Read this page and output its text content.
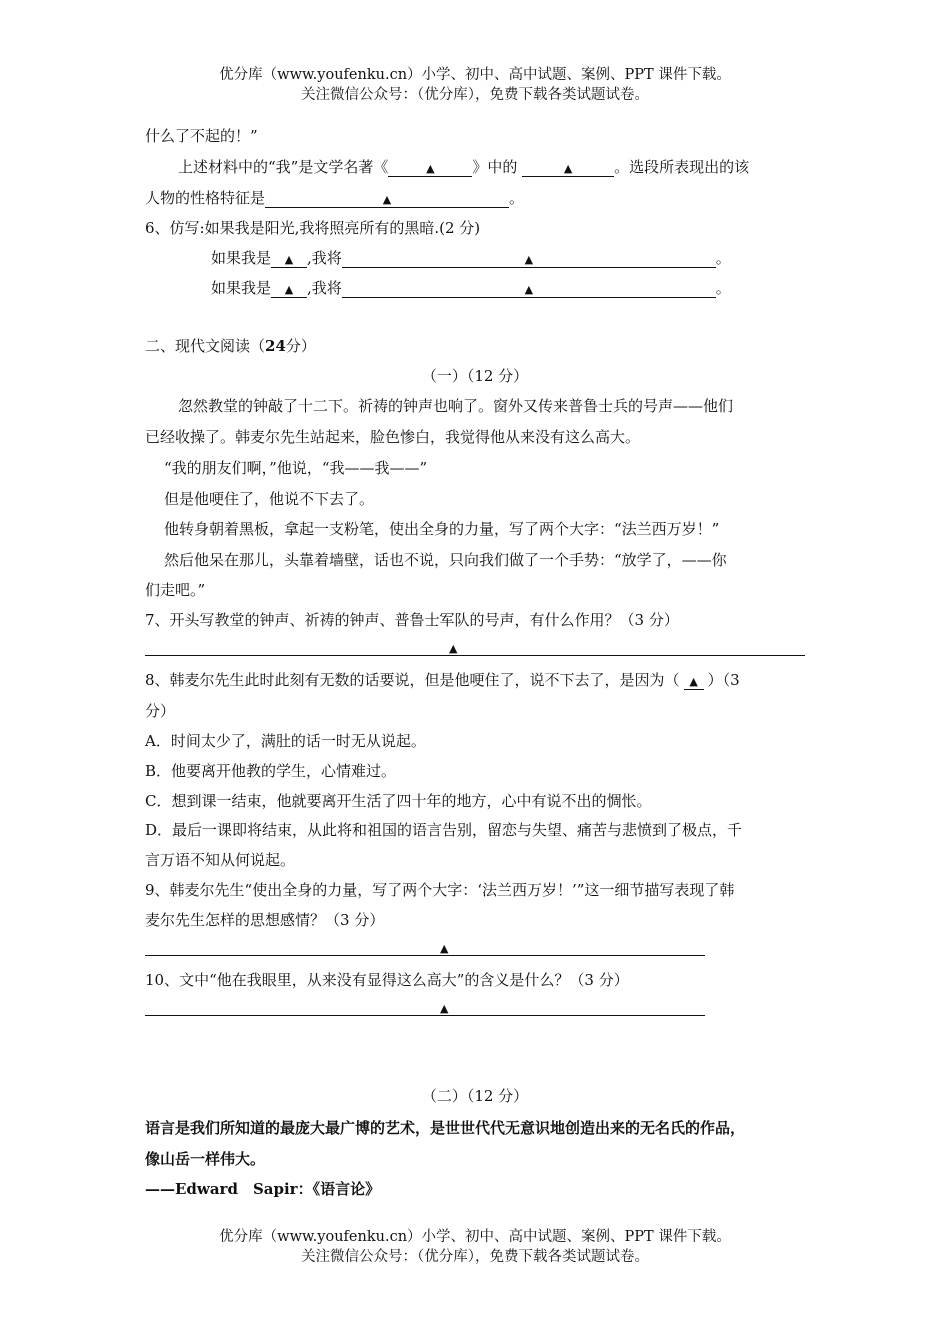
优分库（www.youfenku.cn）小学、初中、高中试题、案例、PPT 课件下载。
关注微信公众号：（优分库），免费下载各类试题试卷。
什么了不起的！”
上述材料中的“我”是文学名著《	▲	》中的	▲	。选段所表现出的该
人物的性格特征是	▲	。
6、仿写:如果我是阳光,我将照亮所有的黑暗.(2 分)
如果我是 ▲ ,我将	▲	。
如果我是 ▲ ,我将	▲	。
二、现代文阅读（24分）
（一）（12 分）
忽然教堂的钟敲了十二下。祈祷的钟声也响了。窗外又传来普鲁士兵的号声——他们
已经收操了。韩麦尔先生站起来，脸色惨白，我觉得他从来没有这么高大。
“我的朋友们啊，”他说，“我——我——”
但是他哽住了，他说不下去了。
他转身朝着黑板，拿起一支粉笔，使出全身的力量，写了两个大字：“法兰西万岁！”
然后他呆在那儿，头靠着墙壁，话也不说，只向我们做了一个手势：“放学了，——你
们走吧。”
7、开头写教堂的钟声、祈祷的钟声、普鲁士军队的号声，有什么作用？（3 分）
▲
8、韩麦尔先生此时此刻有无数的话要说，但是他哽住了，说不下去了，是因为（ ▲ ）（3
分）
A．时间太少了，满肚的话一时无从说起。
B．他要离开他教的学生，心情难过。
C．想到课一结束，他就要离开生活了四十年的地方，心中有说不出的惆怅。
D．最后一课即将结束，从此将和祖国的语言告别，留恋与失望、痛苦与悲愤到了极点，千
言万语不知从何说起。
9、韩麦尔先生“使出全身的力量，写了两个大字：‘法兰西万岁！’”这一细节描写表现了韩
麦尔先生怎样的思想感情？（3 分）
▲
10、文中“他在我眼里，从来没有显得这么高大”的含义是什么？（3 分）
▲
（二）（12 分）
语言是我们所知道的最庞大最广博的艺术，是世世代代无意识地创造出来的无名氏的作品，
像山岳一样伟大。
——Edward　Sapir：《语言论》
优分库（www.youfenku.cn）小学、初中、高中试题、案例、PPT 课件下载。
关注微信公众号：（优分库），免费下载各类试题试卷。
